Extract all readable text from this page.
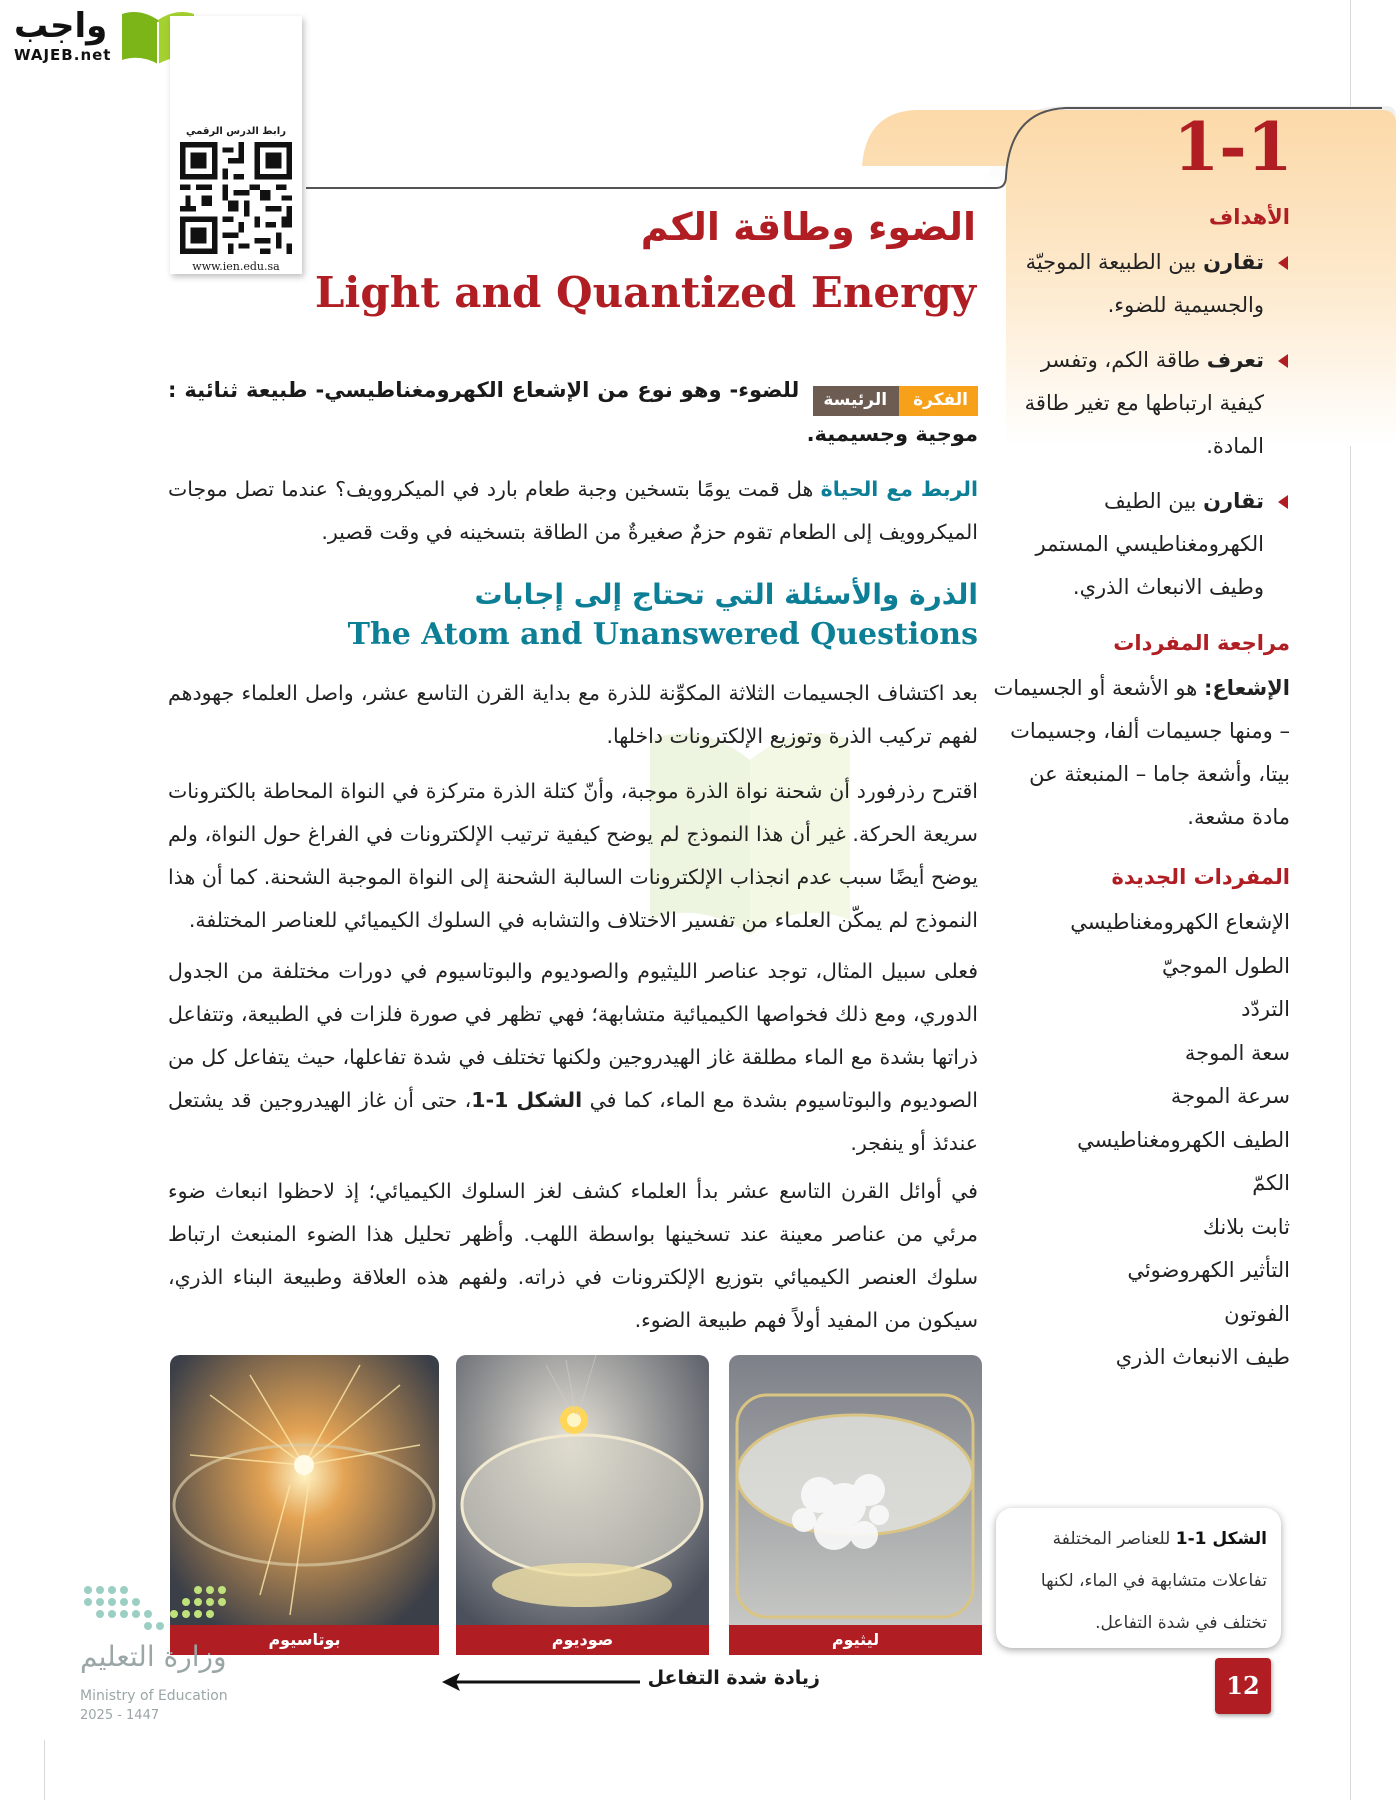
واجب
WAJEB.net
رابط الدرس الرقمي
www.ien.edu.sa
1-1
الضوء وطاقة الكم
Light and Quantized Energy
الأهداف
تقارن بين الطبيعة الموجيّة والجسيمية للضوء.
تعرف طاقة الكم، وتفسر كيفية ارتباطها مع تغير طاقة المادة.
تقارن بين الطيف الكهرومغناطيسي المستمر وطيف الانبعاث الذري.
مراجعة المفردات
الإشعاع: هو الأشعة أو الجسيمات – ومنها جسيمات ألفا، وجسيمات بيتا، وأشعة جاما – المنبعثة عن مادة مشعة.
المفردات الجديدة
الإشعاع الكهرومغناطيسي
الطول الموجيّ
التردّد
سعة الموجة
سرعة الموجة
الطيف الكهرومغناطيسي
الكمّ
ثابت بلانك
التأثير الكهروضوئي
الفوتون
طيف الانبعاث الذري
الفكرةالرئيسة للضوء- وهو نوع من الإشعاع الكهرومغناطيسي- طبيعة ثنائية : موجية وجسيمية.
الربط مع الحياة هل قمت يومًا بتسخين وجبة طعام بارد في الميكروويف؟ عندما تصل موجات الميكروويف إلى الطعام تقوم حزمٌ صغيرةٌ من الطاقة بتسخينه في وقت قصير.
الذرة والأسئلة التي تحتاج إلى إجابات
The Atom and Unanswered Questions
بعد اكتشاف الجسيمات الثلاثة المكوِّنة للذرة مع بداية القرن التاسع عشر، واصل العلماء جهودهم لفهم تركيب الذرة وتوزيع الإلكترونات داخلها.
اقترح رذرفورد أن شحنة نواة الذرة موجبة، وأنّ كتلة الذرة مترکزة في النواة المحاطة بالكترونات سريعة الحركة. غير أن هذا النموذج لم يوضح كيفية ترتيب الإلكترونات في الفراغ حول النواة، ولم يوضح أيضًا سبب عدم انجذاب الإلكترونات السالبة الشحنة إلى النواة الموجبة الشحنة. كما أن هذا النموذج لم يمكّن العلماء من تفسير الاختلاف والتشابه في السلوك الكيميائي للعناصر المختلفة.
فعلى سبيل المثال، توجد عناصر الليثيوم والصوديوم والبوتاسيوم في دورات مختلفة من الجدول الدوري، ومع ذلك فخواصها الكيميائية متشابهة؛ فهي تظهر في صورة فلزات في الطبيعة، وتتفاعل ذراتها بشدة مع الماء مطلقة غاز الهيدروجين ولكنها تختلف في شدة تفاعلها، حيث يتفاعل كل من الصوديوم والبوتاسيوم بشدة مع الماء، كما في الشكل 1-1، حتى أن غاز الهيدروجين قد يشتعل عندئذ أو ينفجر.
في أوائل القرن التاسع عشر بدأ العلماء كشف لغز السلوك الكيميائي؛ إذ لاحظوا انبعاث ضوء مرئي من عناصر معينة عند تسخينها بواسطة اللهب. وأظهر تحليل هذا الضوء المنبعث ارتباط سلوك العنصر الكيميائي بتوزيع الإلكترونات في ذراته. ولفهم هذه العلاقة وطبيعة البناء الذري، سيكون من المفيد أولاً فهم طبيعة الضوء.
بوتاسيوم	صوديوم	ليثيوم
زيادة شدة التفاعل
الشكل 1-1 للعناصر المختلفة تفاعلات متشابهة في الماء، لكنها تختلف في شدة التفاعل.
12
وزارة التعليم
Ministry of Education
2025 - 1447
